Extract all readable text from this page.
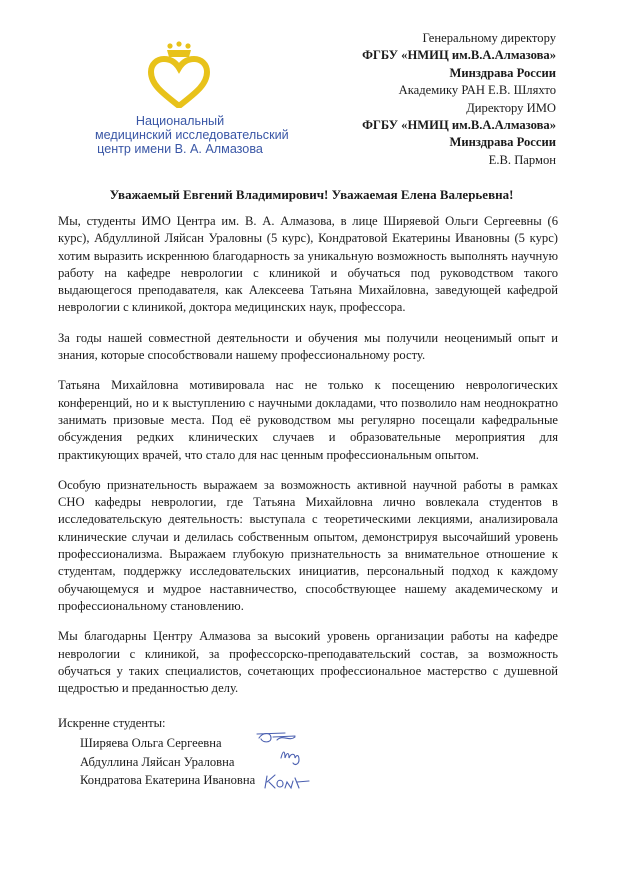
Национальный
медицинский исследовательский
центр имени В. А. Алмазова
Генеральному директору
ФГБУ «НМИЦ им.В.А.Алмазова»
Минздрава России
Академику РАН Е.В. Шляхто
Директору ИМО
ФГБУ «НМИЦ им.В.А.Алмазова»
Минздрава России
Е.В. Пармон
Уважаемый Евгений Владимирович! Уважаемая Елена Валерьевна!

Мы, студенты ИМО Центра им. В. А. Алмазова, в лице Ширяевой Ольги Сергеевны (6 курс), Абдуллиной Ляйсан Ураловны (5 курс), Кондратовой Екатерины Ивановны (5 курс) хотим выразить искреннюю благодарность за уникальную возможность выполнять научную работу на кафедре неврологии с клиникой и обучаться под руководством такого выдающегося преподавателя, как Алексеева Татьяна Михайловна, заведующей кафедрой неврологии с клиникой, доктора медицинских наук, профессора.

За годы нашей совместной деятельности и обучения мы получили неоценимый опыт и знания, которые способствовали нашему профессиональному росту.

Татьяна Михайловна мотивировала нас не только к посещению неврологических конференций, но и к выступлению с научными докладами, что позволило нам неоднократно занимать призовые места. Под её руководством мы регулярно посещали кафедральные обсуждения редких клинических случаев и образовательные мероприятия для практикующих врачей, что стало для нас ценным профессиональным опытом.

Особую признательность выражаем за возможность активной научной работы в рамках СНО кафедры неврологии, где Татьяна Михайловна лично вовлекала студентов в исследовательскую деятельность: выступала с теоретическими лекциями, анализировала клинические случаи и делилась собственным опытом, демонстрируя высочайший уровень профессионализма. Выражаем глубокую признательность за внимательное отношение к студентам, поддержку исследовательских инициатив, персональный подход к каждому обучающемуся и мудрое наставничество, способствующее нашему академическому и профессиональному становлению.

Мы благодарны Центру Алмазова за высокий уровень организации работы на кафедре неврологии с клиникой, за профессорско-преподавательский состав, за возможность обучаться у таких специалистов, сочетающих профессиональное мастерство с душевной щедростью и преданностью делу.

Искренне студенты:
Ширяева Ольга Сергеевна
Абдуллина Ляйсан Ураловна
Кондратова Екатерина Ивановна
